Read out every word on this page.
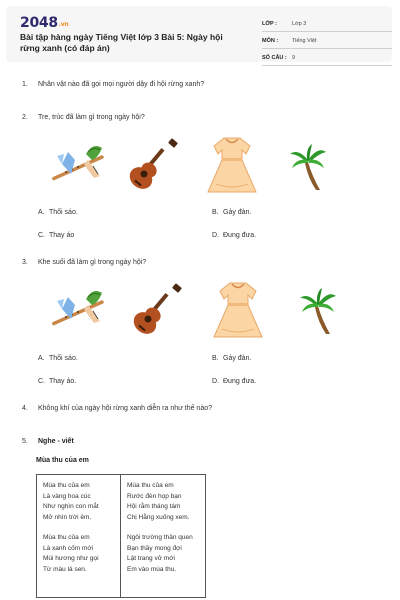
2048.vn
Bài tập hàng ngày Tiếng Việt lớp 3 Bài 5: Ngày hội rừng xanh (có đáp án)
LỚP :	Lớp 3
MÔN :	Tiếng Việt
SỐ CÂU : 9
1. Nhân vật nào đã gọi mọi người dậy đi hội rừng xanh?
2. Tre, trúc đã làm gì trong ngày hội?
A. Thổi sáo.	B. Gảy đàn.
C. Thay áo	D. Đung đưa.
3. Khe suối đã làm gì trong ngày hội?
A. Thổi sáo.	B. Gảy đàn.
C. Thay áo.	D. Đung đưa.
4. Không khí của ngày hội rừng xanh diễn ra như thế nào?
5. Nghe - viết
Mùa thu của em
Mùa thu của em
Là vàng hoa cúc
Như nghìn con mắt
Mở nhìn trời êm.
Mùa thu của em
Là xanh cốm mới
Mùi hương như gọi
Từ màu lá sen.
Mùa thu của em
Rước đèn họp bạn
Hội rằm tháng tám
Chị Hằng xuống xem.
Ngôi trường thân quen
Bạn thầy mong đợi
Lật trang vở mới
Em vào mùa thu.
